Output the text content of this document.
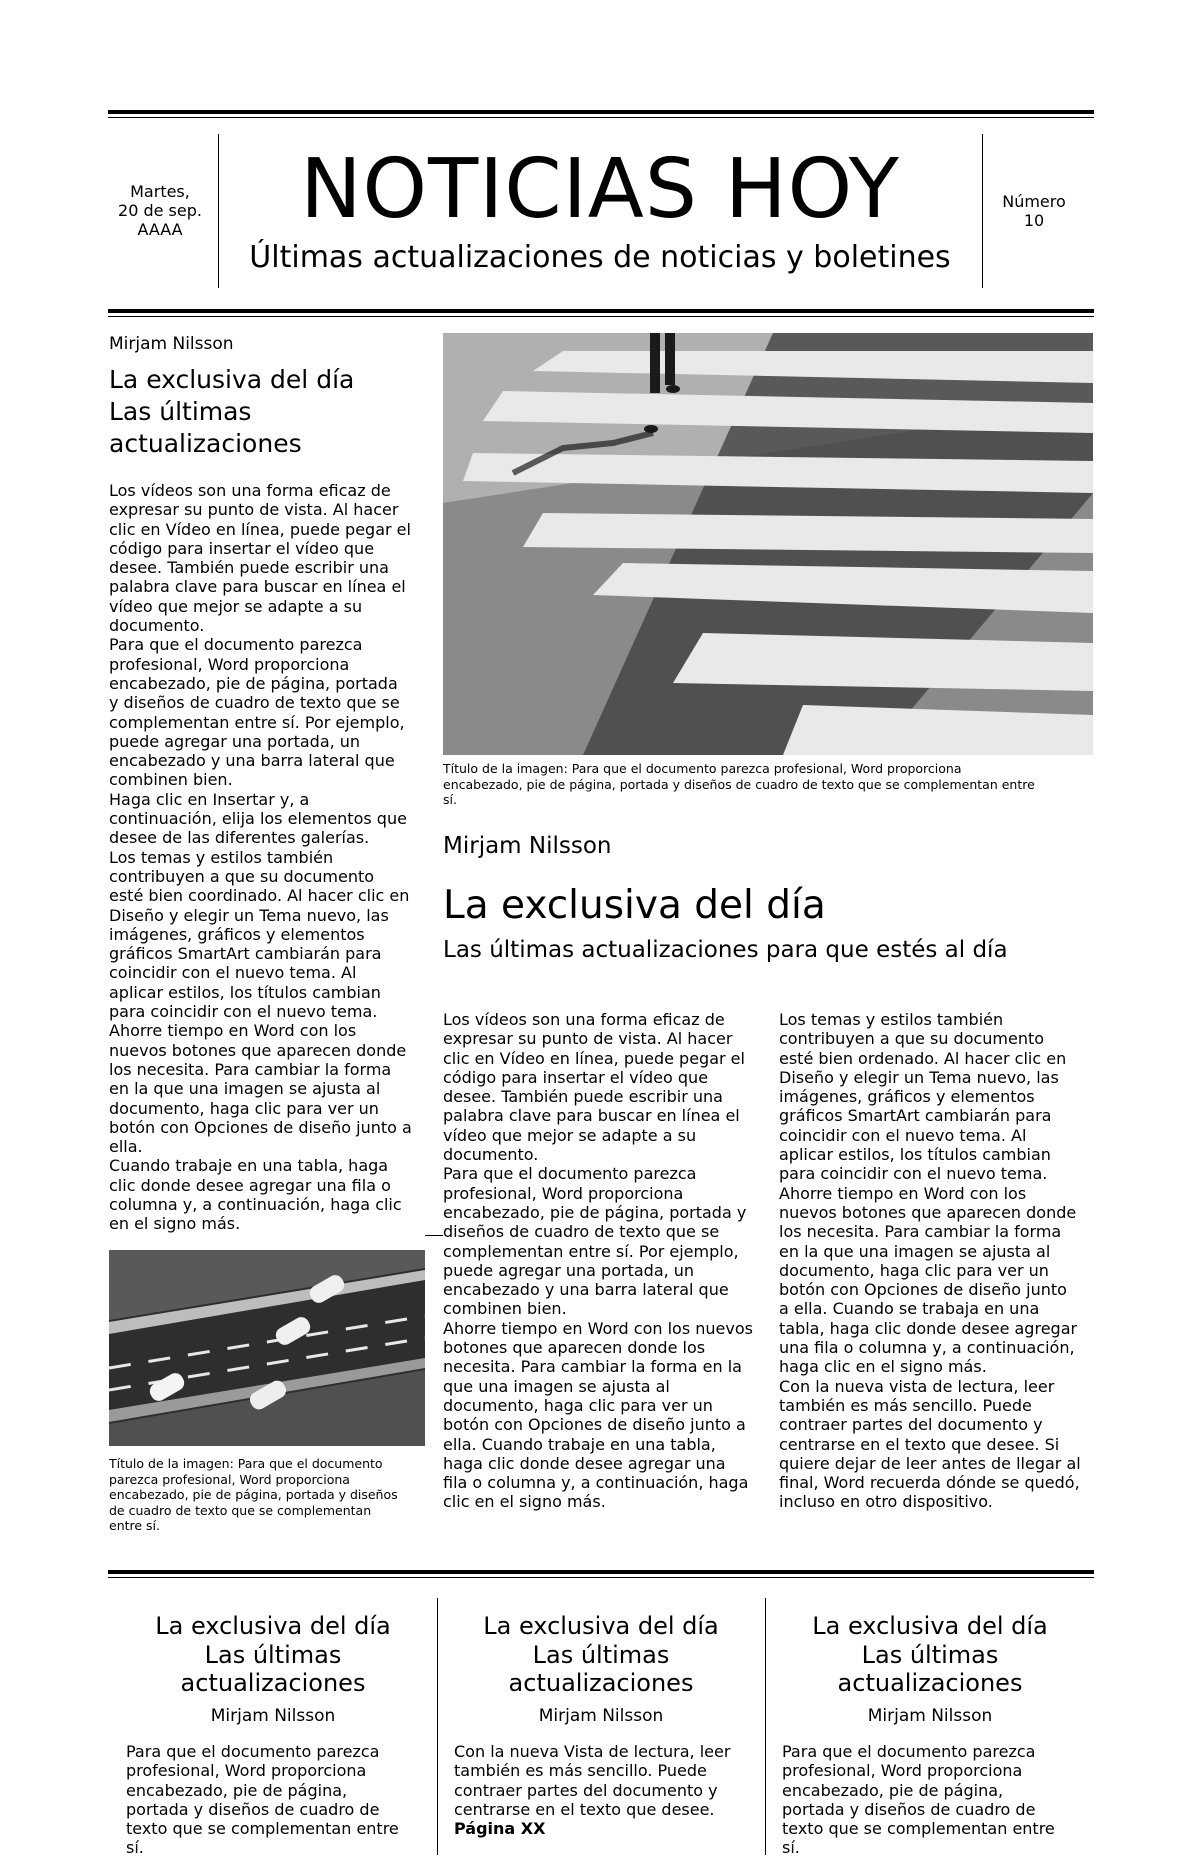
Martes,
20 de sep.
AAAA	NOTICIAS HOY
Últimas actualizaciones de noticias y boletines
Número
10
Mirjam Nilsson
La exclusiva del día
Las últimas
actualizaciones
Los vídeos son una forma eficaz de
expresar su punto de vista. Al hacer
clic en Vídeo en línea, puede pegar el
código para insertar el vídeo que
desee. También puede escribir una
palabra clave para buscar en línea el
vídeo que mejor se adapte a su
documento.
Para que el documento parezca
profesional, Word proporciona
encabezado, pie de página, portada
y diseños de cuadro de texto que se
complementan entre sí. Por ejemplo,
puede agregar una portada, un
encabezado y una barra lateral que
combinen bien.
Haga clic en Insertar y, a
continuación, elija los elementos que
desee de las diferentes galerías.
Los temas y estilos también
contribuyen a que su documento
esté bien coordinado. Al hacer clic en
Diseño y elegir un Tema nuevo, las
imágenes, gráficos y elementos
gráficos SmartArt cambiarán para
coincidir con el nuevo tema. Al
aplicar estilos, los títulos cambian
para coincidir con el nuevo tema.
Ahorre tiempo en Word con los
nuevos botones que aparecen donde
los necesita. Para cambiar la forma
en la que una imagen se ajusta al
documento, haga clic para ver un
botón con Opciones de diseño junto a
ella.
Cuando trabaje en una tabla, haga
clic donde desee agregar una fila o
columna y, a continuación, haga clic
en el signo más.
Título de la imagen: Para que el documento
parezca profesional, Word proporciona
encabezado, pie de página, portada y diseños
de cuadro de texto que se complementan
entre sí.
Título de la imagen: Para que el documento parezca profesional, Word proporciona
encabezado, pie de página, portada y diseños de cuadro de texto que se complementan entre
sí.
Mirjam Nilsson
La exclusiva del día
Las últimas actualizaciones para que estés al día
Los vídeos son una forma eficaz de
expresar su punto de vista. Al hacer
clic en Vídeo en línea, puede pegar el
código para insertar el vídeo que
desee. También puede escribir una
palabra clave para buscar en línea el
vídeo que mejor se adapte a su
documento.
Para que el documento parezca
profesional, Word proporciona
encabezado, pie de página, portada y
diseños de cuadro de texto que se
complementan entre sí. Por ejemplo,
puede agregar una portada, un
encabezado y una barra lateral que
combinen bien.
Ahorre tiempo en Word con los nuevos
botones que aparecen donde los
necesita. Para cambiar la forma en la
que una imagen se ajusta al
documento, haga clic para ver un
botón con Opciones de diseño junto a
ella. Cuando trabaje en una tabla,
haga clic donde desee agregar una
fila o columna y, a continuación, haga
clic en el signo más.
Los temas y estilos también
contribuyen a que su documento
esté bien ordenado. Al hacer clic en
Diseño y elegir un Tema nuevo, las
imágenes, gráficos y elementos
gráficos SmartArt cambiarán para
coincidir con el nuevo tema. Al
aplicar estilos, los títulos cambian
para coincidir con el nuevo tema.
Ahorre tiempo en Word con los
nuevos botones que aparecen donde
los necesita. Para cambiar la forma
en la que una imagen se ajusta al
documento, haga clic para ver un
botón con Opciones de diseño junto
a ella. Cuando se trabaja en una
tabla, haga clic donde desee agregar
una fila o columna y, a continuación,
haga clic en el signo más.
Con la nueva vista de lectura, leer
también es más sencillo. Puede
contraer partes del documento y
centrarse en el texto que desee. Si
quiere dejar de leer antes de llegar al
final, Word recuerda dónde se quedó,
incluso en otro dispositivo.
La exclusiva del día
Las últimas
actualizaciones
Mirjam Nilsson
Para que el documento parezca
profesional, Word proporciona
encabezado, pie de página,
portada y diseños de cuadro de
texto que se complementan entre
sí.
La exclusiva del día
Las últimas
actualizaciones
Mirjam Nilsson
Con la nueva Vista de lectura, leer
también es más sencillo. Puede
contraer partes del documento y
centrarse en el texto que desee.
Página XX
La exclusiva del día
Las últimas
actualizaciones
Mirjam Nilsson
Para que el documento parezca
profesional, Word proporciona
encabezado, pie de página,
portada y diseños de cuadro de
texto que se complementan entre
sí.
